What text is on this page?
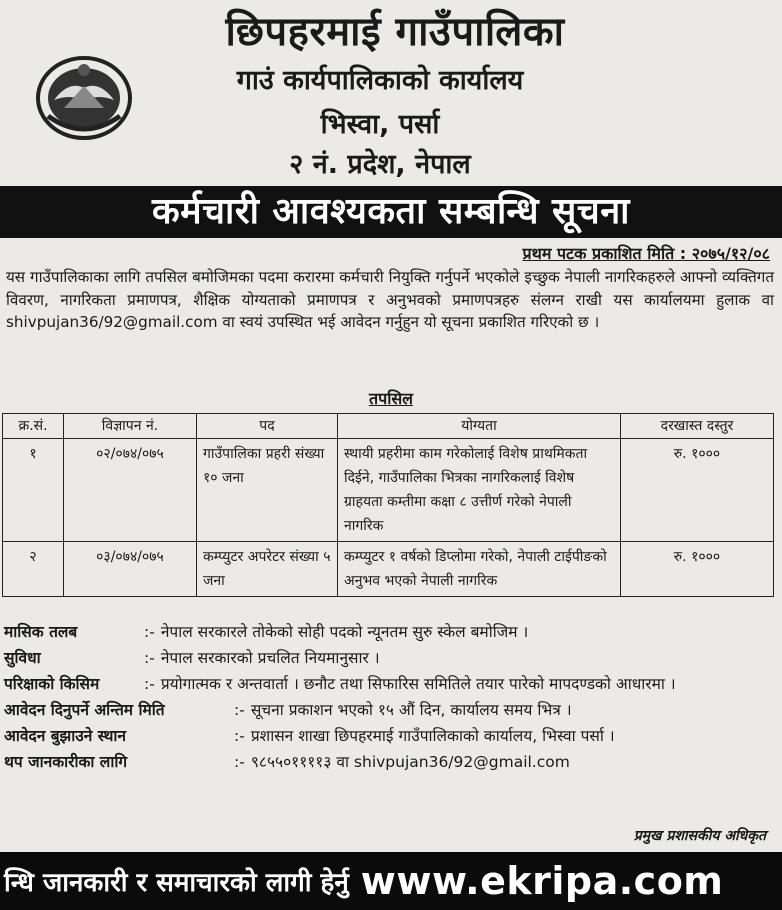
छिपहरमाई गाउँपालिका
गाउं कार्यपालिकाको कार्यालय
भिस्वा, पर्सा
२ नं. प्रदेश, नेपाल
कर्मचारी आवश्यकता सम्बन्धि सूचना
प्रथम पटक प्रकाशित मिति : २०७५/१२/०८
यस गाउँपालिकाका लागि तपसिल बमोजिमका पदमा करारमा कर्मचारी नियुक्ति गर्नुपर्ने भएकोले इच्छुक नेपाली नागरिकहरुले आफ्नो व्यक्तिगत विवरण, नागरिकता प्रमाणपत्र, शैक्षिक योग्यताको प्रमाणपत्र र अनुभवको प्रमाणपत्रहरु संलग्न राखी यस कार्यालयमा हुलाक वा shivpujan36/92@gmail.com वा स्वयं उपस्थित भई आवेदन गर्नुहुन यो सूचना प्रकाशित गरिएको छ ।
तपसिल
क्र.सं.	विज्ञापन नं.	पद	योग्यता	दरखास्त दस्तुर
१	०२/०७४/०७५	गाउँपालिका प्रहरी संख्या १० जना	स्थायी प्रहरीमा काम गरेकोलाई विशेष प्राथमिकता दिईने, गाउँपालिका भित्रका नागरिकलाई विशेष ग्राहयता कम्तीमा कक्षा ८ उत्तीर्ण गरेको नेपाली नागरिक	रु. १०००
२	०३/०७४/०७५	कम्प्युटर अपरेटर संख्या ५ जना	कम्प्युटर १ वर्षको डिप्लोमा गरेको, नेपाली टाईपीङको अनुभव भएको नेपाली नागरिक	रु. १०००
मासिक तलब	:- नेपाल सरकारले तोकेको सोही पदको न्यूनतम सुरु स्केल बमोजिम ।
सुविधा	:- नेपाल सरकारको प्रचलित नियमानुसार ।
परिक्षाको किसिम	:- प्रयोगात्मक र अन्तवार्ता । छनौट तथा सिफारिस समितिले तयार पारेको मापदण्डको आधारमा ।
आवेदन दिनुपर्ने अन्तिम मिति	:- सूचना प्रकाशन भएको १५ औं दिन, कार्यालय समय भित्र ।
आवेदन बुझाउने स्थान	:- प्रशासन शाखा छिपहरमाई गाउँपालिकाको कार्यालय, भिस्वा पर्सा ।
थप जानकारीका लागि	:- ९८५५०११११३ वा shivpujan36/92@gmail.com
प्रमुख प्रशासकीय अधिकृत
न्धि जानकारी र समाचारको लागी हेर्नु www.ekripa.com
